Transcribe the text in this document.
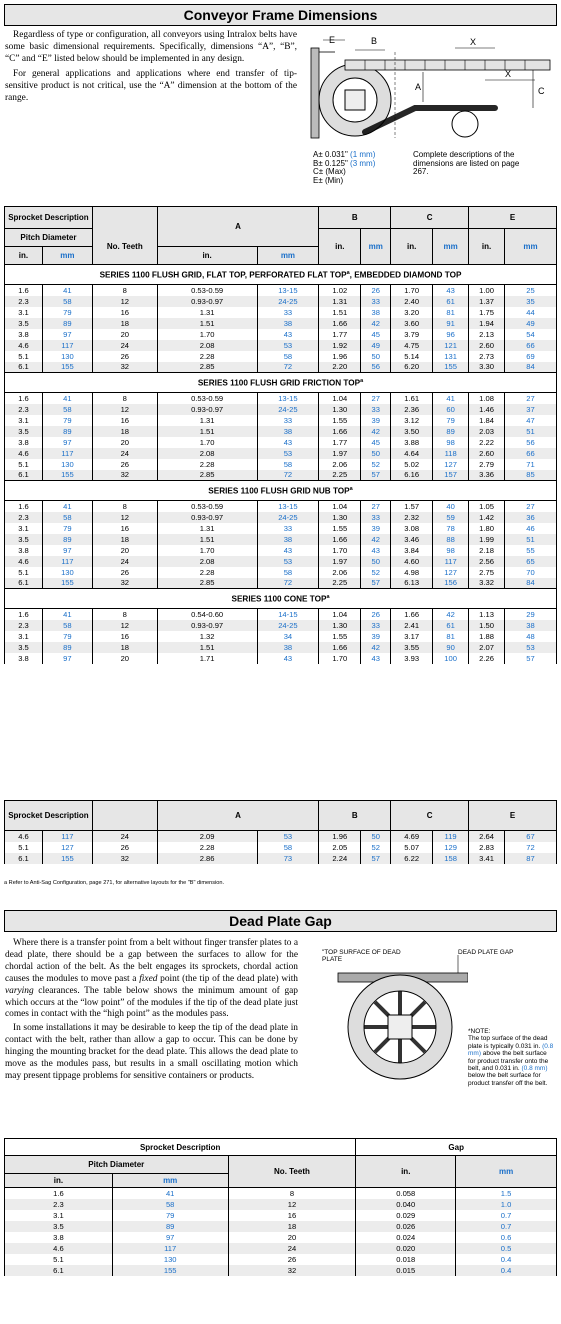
Conveyor Frame Dimensions

Regardless of type or configuration, all conveyors using Intralox belts have some basic dimensional requirements. Specifically, dimensions “A”, “B”, “C” and “E” listed below should be implemented in any design.

For general applications and applications where end transfer of tip-sensitive product is not critical, use the “A” dimension at the bottom of the range.

E	B	X
X
A	C
A± 0.031" (1 mm)
B± 0.125" (3 mm)
C± (Max)
E± (Min)
Complete descriptions of the dimensions are listed on page 267.
Sprocket Description			A		B		C		E	
Pitch Diameter		No. Teeth			in.	mm	in.	mm	in.	mm
in.	mm		in.	mm						
SERIES 1100 FLUSH GRID, FLAT TOP, PERFORATED FLAT TOP$^a$, EMBEDDED DIAMOND TOP										
1.6	41	8	0.53-0.59	13-15	1.02	26	1.70	43	1.00	25
2.3	58	12	0.93-0.97	24-25	1.31	33	2.40	61	1.37	35
3.1	79	16	1.31	33	1.51	38	3.20	81	1.75	44
3.5	89	18	1.51	38	1.66	42	3.60	91	1.94	49
3.8	97	20	1.70	43	1.77	45	3.79	96	2.13	54
4.6	117	24	2.08	53	1.92	49	4.75	121	2.60	66
5.1	130	26	2.28	58	1.96	50	5.14	131	2.73	69
6.1	155	32	2.85	72	2.20	56	6.20	155	3.30	84
SERIES 1100 FLUSH GRID FRICTION TOP$^a$
1.6	41	8	0.53-0.59	13-15	1.04	27	1.61	41	1.08	27
2.3	58	12	0.93-0.97	24-25	1.30	33	2.36	60	1.46	37
3.1	79	16	1.31	33	1.55	39	3.12	79	1.84	47
3.5	89	18	1.51	38	1.66	42	3.50	89	2.03	51
3.8	97	20	1.70	43	1.77	45	3.88	98	2.22	56
4.6	117	24	2.08	53	1.97	50	4.64	118	2.60	66
5.1	130	26	2.28	58	2.06	52	5.02	127	2.79	71
6.1	155	32	2.85	72	2.25	57	6.16	157	3.36	85
SERIES 1100 FLUSH GRID NUB TOP$^a$
1.6	41	8	0.53-0.59	13-15	1.04	27	1.57	40	1.05	27
2.3	58	12	0.93-0.97	24-25	1.30	33	2.32	59	1.42	36
3.1	79	16	1.31	33	1.55	39	3.08	78	1.80	46
3.5	89	18	1.51	38	1.66	42	3.46	88	1.99	51
3.8	97	20	1.70	43	1.70	43	3.84	98	2.18	55
4.6	117	24	2.08	53	1.97	50	4.60	117	2.56	65
5.1	130	26	2.28	58	2.06	52	4.98	127	2.75	70
6.1	155	32	2.85	72	2.25	57	6.13	156	3.32	84
SERIES 1100 CONE TOP$^a$
1.6	41	8	0.54-0.60	14-15	1.04	26	1.66	42	1.13	29
2.3	58	12	0.93-0.97	24-25	1.30	33	2.41	61	1.50	38
3.1	79	16	1.32	34	1.55	39	3.17	81	1.88	48
3.5	89	18	1.51	38	1.66	42	3.55	90	2.07	53
3.8	97	20	1.71	43	1.70	43	3.93	100	2.26	57
Sprocket Description			A		B		C		E	
4.6	117	24	2.09	53	1.96	50	4.69	119	2.64	67
5.1	127	26	2.28	58	2.05	52	5.07	129	2.83	72
6.1	155	32	2.86	73	2.24	57	6.22	158	3.41	87
a Refer to Anti-Sag Configuration, page 271, for alternative layouts for the "B" dimension.
Dead Plate Gap

Where there is a transfer point from a belt without finger transfer plates to a dead plate, there should be a gap between the surfaces to allow for the chordal action of the belt. As the belt engages its sprockets, chordal action causes the modules to move past a fixed point (the tip of the dead plate) with varying clearances. The table below shows the minimum amount of gap which occurs at the “low point” of the modules if the tip of the dead plate just comes in contact with the “high point” as the modules pass.

In some installations it may be desirable to keep the tip of the dead plate in contact with the belt, rather than allow a gap to occur. This can be done by hinging the mounting bracket for the dead plate. This allows the dead plate to move as the modules pass, but results in a small oscillating motion which may present tippage problems for sensitive containers or products.

"TOP SURFACE OF DEAD PLATE
DEAD PLATE GAP
*NOTE:
The top surface of the dead plate is typically 0.031 in. (0.8 mm) above the belt surface for product transfer onto the belt, and 0.031 in. (0.8 mm) below the belt surface for product transfer off the belt.
Sprocket Description			Gap	
Pitch Diameter		No. Teeth	in.	mm
in.	mm			
1.6	41	8	0.058	1.5
2.3	58	12	0.040	1.0
3.1	79	16	0.029	0.7
3.5	89	18	0.026	0.7
3.8	97	20	0.024	0.6
4.6	117	24	0.020	0.5
5.1	130	26	0.018	0.4
6.1	155	32	0.015	0.4
